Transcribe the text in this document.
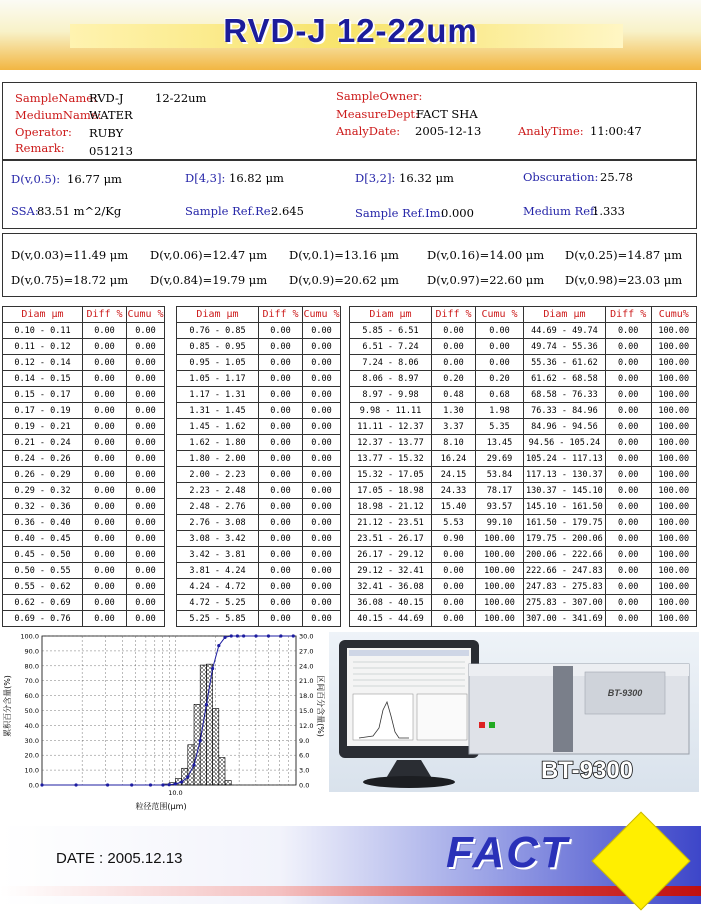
RVD-J 12-22um
SampleName:
RVD-J	12-22um
MediumName:
WATER
Operator: RUBY
Remark: 051213
SampleOwner:
MeasureDept:
FACT SHA
AnalyDate: 2005-12-13	AnalyTime: 11:00:47
D(v,0.5): 16.77 μm	D[4,3]: 16.82 μm	D[3,2]: 16.32 μm	Obscuration: 25.78
SSA:
83.51 m^2/Kg	Sample Ref.Re:
2.645	Sample Ref.Im:
0.000	Medium Ref:
1.333
D(v,0.03)=11.49 μm D(v,0.06)=12.47 μm D(v,0.1)=13.16 μm D(v,0.16)=14.00 μm D(v,0.25)=14.87 μm
D(v,0.75)=18.72 μm D(v,0.84)=19.79 μm D(v,0.9)=20.62 μm D(v,0.97)=22.60 μm D(v,0.98)=23.03 μm
Diam μm	Diff %	Cumu %
0.10 - 0.11	0.00	0.00
0.11 - 0.12	0.00	0.00
0.12 - 0.14	0.00	0.00
0.14 - 0.15	0.00	0.00
0.15 - 0.17	0.00	0.00
0.17 - 0.19	0.00	0.00
0.19 - 0.21	0.00	0.00
0.21 - 0.24	0.00	0.00
0.24 - 0.26	0.00	0.00
0.26 - 0.29	0.00	0.00
0.29 - 0.32	0.00	0.00
0.32 - 0.36	0.00	0.00
0.36 - 0.40	0.00	0.00
0.40 - 0.45	0.00	0.00
0.45 - 0.50	0.00	0.00
0.50 - 0.55	0.00	0.00
0.55 - 0.62	0.00	0.00
0.62 - 0.69	0.00	0.00
0.69 - 0.76	0.00	0.00
Diam μm	Diff %	Cumu %
0.76 - 0.85	0.00	0.00
0.85 - 0.95	0.00	0.00
0.95 - 1.05	0.00	0.00
1.05 - 1.17	0.00	0.00
1.17 - 1.31	0.00	0.00
1.31 - 1.45	0.00	0.00
1.45 - 1.62	0.00	0.00
1.62 - 1.80	0.00	0.00
1.80 - 2.00	0.00	0.00
2.00 - 2.23	0.00	0.00
2.23 - 2.48	0.00	0.00
2.48 - 2.76	0.00	0.00
2.76 - 3.08	0.00	0.00
3.08 - 3.42	0.00	0.00
3.42 - 3.81	0.00	0.00
3.81 - 4.24	0.00	0.00
4.24 - 4.72	0.00	0.00
4.72 - 5.25	0.00	0.00
5.25 - 5.85	0.00	0.00
Diam μm	Diff %	Cumu %
5.85 - 6.51	0.00	0.00
6.51 - 7.24	0.00	0.00
7.24 - 8.06	0.00	0.00
8.06 - 8.97	0.20	0.20
8.97 - 9.98	0.48	0.68
9.98 - 11.11	1.30	1.98
11.11 - 12.37	3.37	5.35
12.37 - 13.77	8.10	13.45
13.77 - 15.32	16.24	29.69
15.32 - 17.05	24.15	53.84
17.05 - 18.98	24.33	78.17
18.98 - 21.12	15.40	93.57
21.12 - 23.51	5.53	99.10
23.51 - 26.17	0.90	100.00
26.17 - 29.12	0.00	100.00
29.12 - 32.41	0.00	100.00
32.41 - 36.08	0.00	100.00
36.08 - 40.15	0.00	100.00
40.15 - 44.69	0.00	100.00
Diam μm	Diff %	Cumu%
44.69 - 49.74	0.00	100.00
49.74 - 55.36	0.00	100.00
55.36 - 61.62	0.00	100.00
61.62 - 68.58	0.00	100.00
68.58 - 76.33	0.00	100.00
76.33 - 84.96	0.00	100.00
84.96 - 94.56	0.00	100.00
94.56 - 105.24	0.00	100.00
105.24 - 117.13	0.00	100.00
117.13 - 130.37	0.00	100.00
130.37 - 145.10	0.00	100.00
145.10 - 161.50	0.00	100.00
161.50 - 179.75	0.00	100.00
179.75 - 200.06	0.00	100.00
200.06 - 222.66	0.00	100.00
222.66 - 247.83	0.00	100.00
247.83 - 275.83	0.00	100.00
275.83 - 307.00	0.00	100.00
307.00 - 341.69	0.00	100.00
0.0
10.0
20.0
30.0
40.0
50.0
60.0
70.0
80.0
90.0
100.0
0.0
3.0
6.0
9.0
12.0
15.0
18.0
21.0
24.0
27.0
30.0
10.0
粒径范围(μm)
累积百分含量(%)	区间百分含量(%)	BT-9300
BT-9300
DATE : 2005.12.13	FACT
